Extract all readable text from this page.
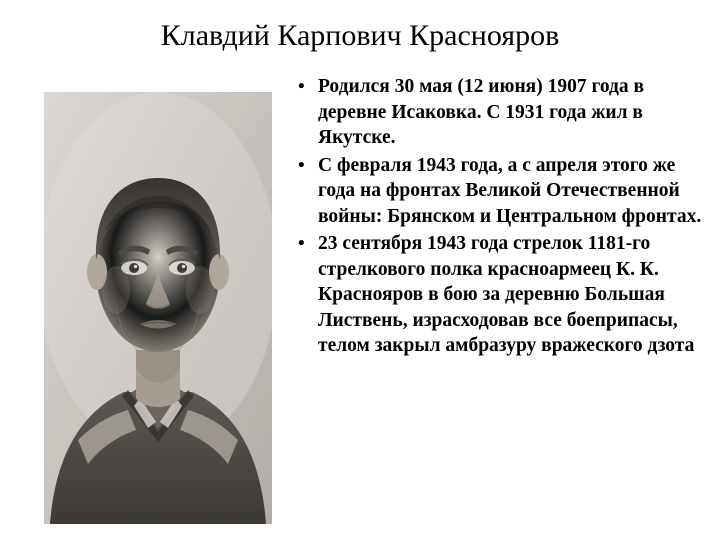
Клавдий Карпович Краснояров
• Родился 30 мая (12 июня) 1907 года в деревне Исаковка. С 1931 года жил в Якутске.
• С февраля 1943 года, а с апреля этого же года на фронтах Великой Отечественной войны: Брянском и Центральном фронтах.
• 23 сентября 1943 года стрелок 1181-го стрелкового полка красноармеец К. К. Краснояров в бою за деревню Большая Листвень, израсходовав все боеприпасы, телом закрыл амбразуру вражеского дзота
